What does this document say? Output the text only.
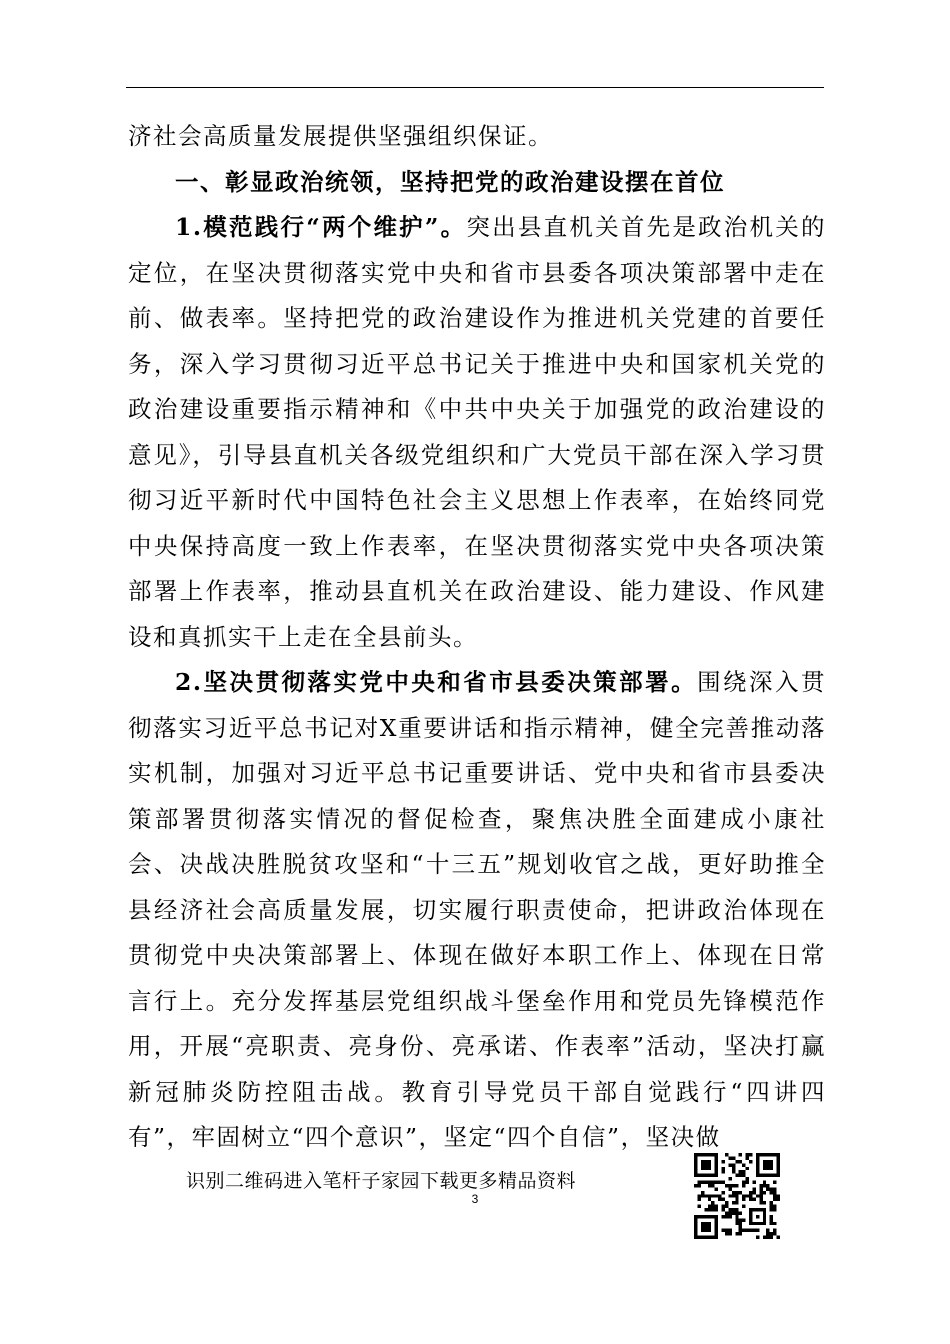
济社会高质量发展提供坚强组织保证。

一、彰显政治统领，坚持把党的政治建设摆在首位

1.模范践行“两个维护”。突出县直机关首先是政治机关的定位，在坚决贯彻落实党中央和省市县委各项决策部署中走在前、做表率。坚持把党的政治建设作为推进机关党建的首要任务，深入学习贯彻习近平总书记关于推进中央和国家机关党的政治建设重要指示精神和《中共中央关于加强党的政治建设的意见》，引导县直机关各级党组织和广大党员干部在深入学习贯彻习近平新时代中国特色社会主义思想上作表率，在始终同党中央保持高度一致上作表率，在坚决贯彻落实党中央各项决策部署上作表率，推动县直机关在政治建设、能力建设、作风建设和真抓实干上走在全县前头。

2.坚决贯彻落实党中央和省市县委决策部署。围绕深入贯彻落实习近平总书记对X重要讲话和指示精神，健全完善推动落实机制，加强对习近平总书记重要讲话、党中央和省市县委决策部署贯彻落实情况的督促检查，聚焦决胜全面建成小康社会、决战决胜脱贫攻坚和“十三五”规划收官之战，更好助推全县经济社会高质量发展，切实履行职责使命，把讲政治体现在贯彻党中央决策部署上、体现在做好本职工作上、体现在日常言行上。充分发挥基层党组织战斗堡垒作用和党员先锋模范作用，开展“亮职责、亮身份、亮承诺、作表率”活动，坚决打赢新冠肺炎防控阻击战。教育引导党员干部自觉践行“四讲四有”，牢固树立“四个意识”，坚定“四个自信”，坚决做

识别二维码进入笔杆子家园下载更多精品资料
3
